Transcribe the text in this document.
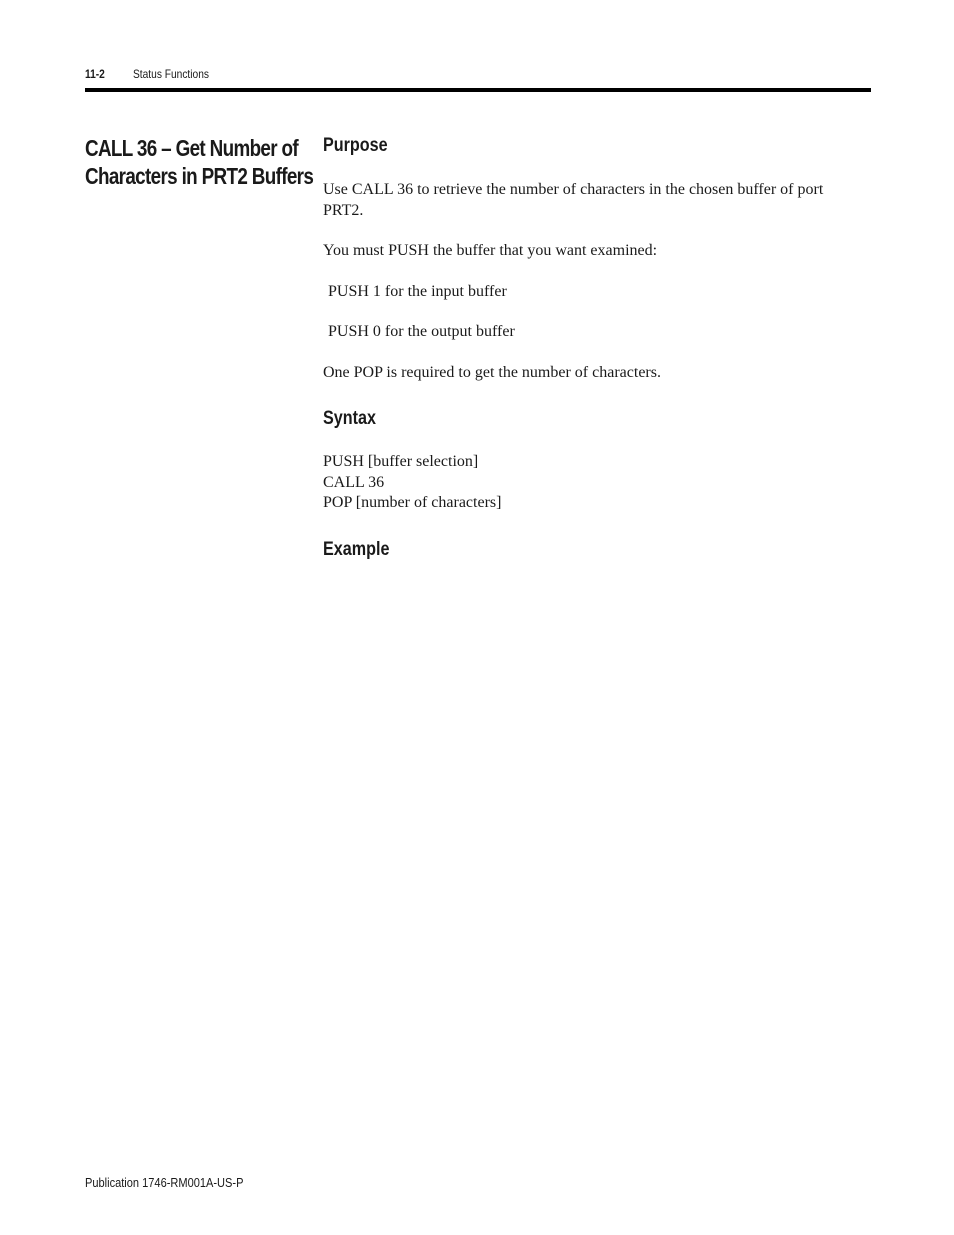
11-2 Status Functions
CALL 36 – Get Number of Characters in PRT2 Buffers
Purpose

Use CALL 36 to retrieve the number of characters in the chosen buffer of port PRT2.

You must PUSH the buffer that you want examined:

PUSH 1 for the input buffer

PUSH 0 for the output buffer

One POP is required to get the number of characters.

Syntax

PUSH [buffer selection]

CALL 36

POP [number of characters]

Example
Publication 1746-RM001A-US-P
